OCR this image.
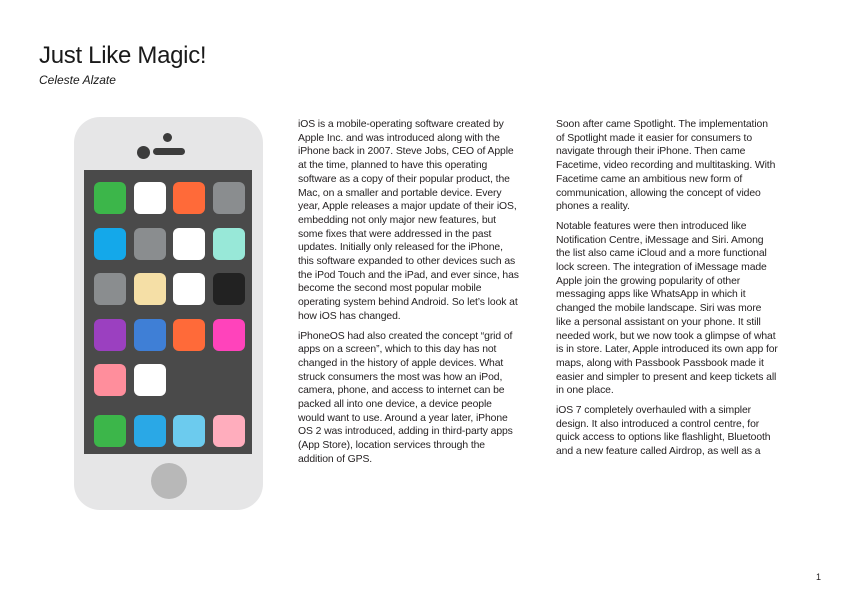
Just Like Magic!
Celeste Alzate

iOS is a mobile-operating software created by Apple Inc. and was introduced along with the iPhone back in 2007. Steve Jobs, CEO of Apple at the time, planned to have this operating software as a copy of their popular product, the Mac, on a smaller and portable device. Every year, Apple releases a major update of their iOS, embedding not only major new features, but some fixes that were addressed in the past updates. Initially only released for the iPhone, this software expanded to other devices such as the iPod Touch and the iPad, and ever since, has become the second most popular mobile operating system behind Android. So let’s look at how iOS has changed.

iPhoneOS had also created the concept “grid of apps on a screen”, which to this day has not changed in the history of apple devices. What struck consumers the most was how an iPod, camera, phone, and access to internet can be packed all into one device, a device people would want to use. Around a year later, iPhone OS 2 was introduced, adding in third-party apps (App Store), location services through the addition of GPS.

Soon after came Spotlight. The implementation of Spotlight made it easier for consumers to navigate through their iPhone. Then came Facetime, video recording and multitasking. With Facetime came an ambitious new form of communication, allowing the concept of video phones a reality.

Notable features were then introduced like Notification Centre, iMessage and Siri. Among the list also came iCloud and a more functional lock screen. The integration of iMessage made Apple join the growing popularity of other messaging apps like WhatsApp in which it changed the mobile landscape. Siri was more like a personal assistant on your phone. It still needed work, but we now took a glimpse of what is in store. Later, Apple introduced its own app for maps, along with Passbook Passbook made it easier and simpler to present and keep tickets all in one place.

iOS 7 completely overhauled with a simpler design. It also introduced a control centre, for quick access to options like flashlight, Bluetooth and a new feature called Airdrop, as well as a

1
